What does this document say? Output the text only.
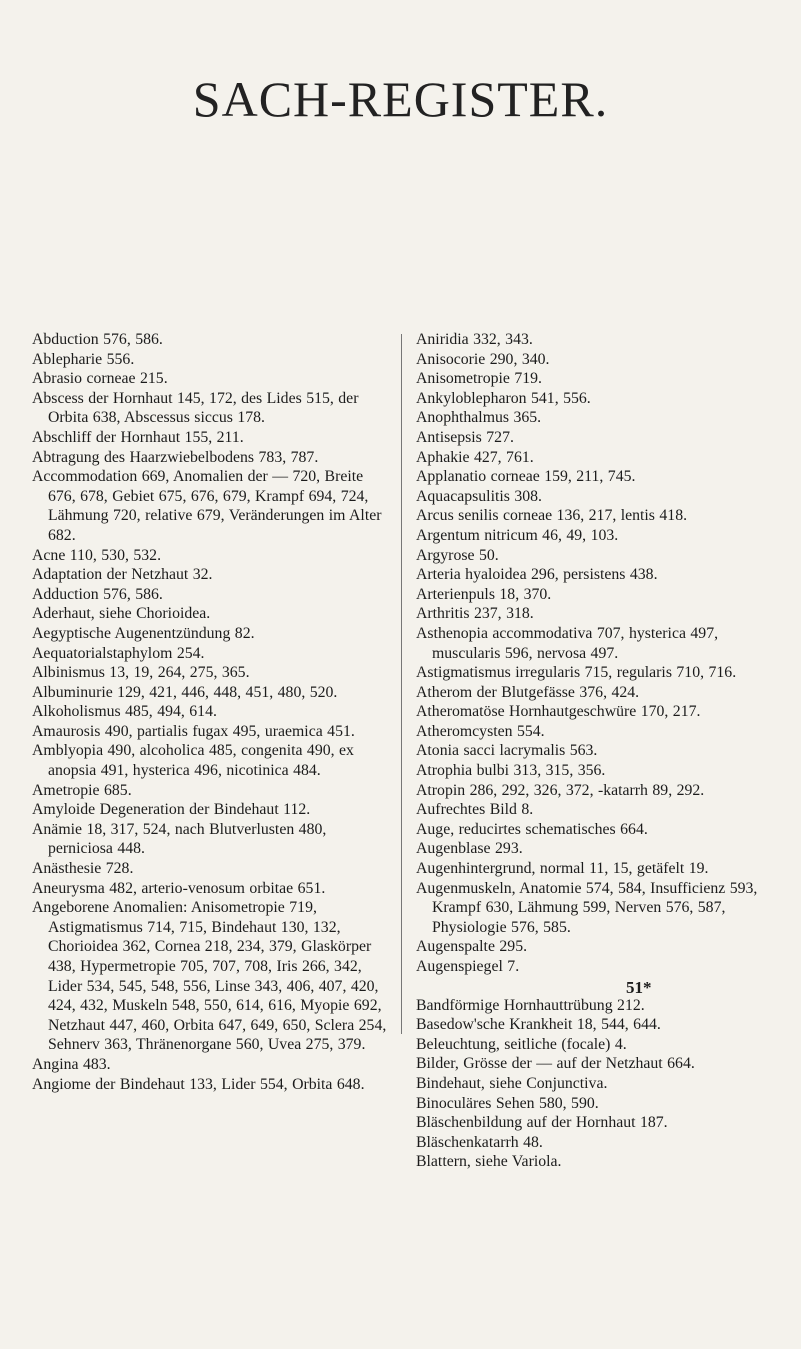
SACH-REGISTER.

Abduction 576, 586.

Ablepharie 556.

Abrasio corneae 215.

Abscess der Hornhaut 145, 172, des Lides 515, der Orbita 638, Abscessus siccus 178.

Abschliff der Hornhaut 155, 211.

Abtragung des Haarzwiebelbodens 783, 787.

Accommodation 669, Anomalien der — 720, Breite 676, 678, Gebiet 675, 676, 679, Krampf 694, 724, Lähmung 720, relative 679, Veränderungen im Alter 682.

Acne 110, 530, 532.

Adaptation der Netzhaut 32.

Adduction 576, 586.

Aderhaut, siehe Chorioidea.

Aegyptische Augenentzündung 82.

Aequatorialstaphylom 254.

Albinismus 13, 19, 264, 275, 365.

Albuminurie 129, 421, 446, 448, 451, 480, 520.

Alkoholismus 485, 494, 614.

Amaurosis 490, partialis fugax 495, uraemica 451.

Amblyopia 490, alcoholica 485, congenita 490, ex anopsia 491, hysterica 496, nicotinica 484.

Ametropie 685.

Amyloide Degeneration der Bindehaut 112.

Anämie 18, 317, 524, nach Blutverlusten 480, perniciosa 448.

Anästhesie 728.

Aneurysma 482, arterio-venosum orbitae 651.

Angeborene Anomalien: Anisometropie 719, Astigmatismus 714, 715, Bindehaut 130, 132, Chorioidea 362, Cornea 218, 234, 379, Glaskörper 438, Hypermetropie 705, 707, 708, Iris 266, 342, Lider 534, 545, 548, 556, Linse 343, 406, 407, 420, 424, 432, Muskeln 548, 550, 614, 616, Myopie 692, Netzhaut 447, 460, Orbita 647, 649, 650, Sclera 254, Sehnerv 363, Thränenorgane 560, Uvea 275, 379.

Angina 483.

Angiome der Bindehaut 133, Lider 554, Orbita 648.

Aniridia 332, 343.

Anisocorie 290, 340.

Anisometropie 719.

Ankyloblepharon 541, 556.

Anophthalmus 365.

Antisepsis 727.

Aphakie 427, 761.

Applanatio corneae 159, 211, 745.

Aquacapsulitis 308.

Arcus senilis corneae 136, 217, lentis 418.

Argentum nitricum 46, 49, 103.

Argyrose 50.

Arteria hyaloidea 296, persistens 438.

Arterienpuls 18, 370.

Arthritis 237, 318.

Asthenopia accommodativa 707, hysterica 497, muscularis 596, nervosa 497.

Astigmatismus irregularis 715, regularis 710, 716.

Atherom der Blutgefässe 376, 424.

Atheromatöse Hornhautgeschwüre 170, 217.

Atheromcysten 554.

Atonia sacci lacrymalis 563.

Atrophia bulbi 313, 315, 356.

Atropin 286, 292, 326, 372, -katarrh 89, 292.

Aufrechtes Bild 8.

Auge, reducirtes schematisches 664.

Augenblase 293.

Augenhintergrund, normal 11, 15, getäfelt 19.

Augenmuskeln, Anatomie 574, 584, Insufficienz 593, Krampf 630, Lähmung 599, Nerven 576, 587, Physiologie 576, 585.

Augenspalte 295.

Augenspiegel 7.

Bandförmige Hornhauttrübung 212.

Basedow'sche Krankheit 18, 544, 644.

Beleuchtung, seitliche (focale) 4.

Bilder, Grösse der — auf der Netzhaut 664.

Bindehaut, siehe Conjunctiva.

Binoculäres Sehen 580, 590.

Bläschenbildung auf der Hornhaut 187.

Bläschenkatarrh 48.

Blattern, siehe Variola.

51*
